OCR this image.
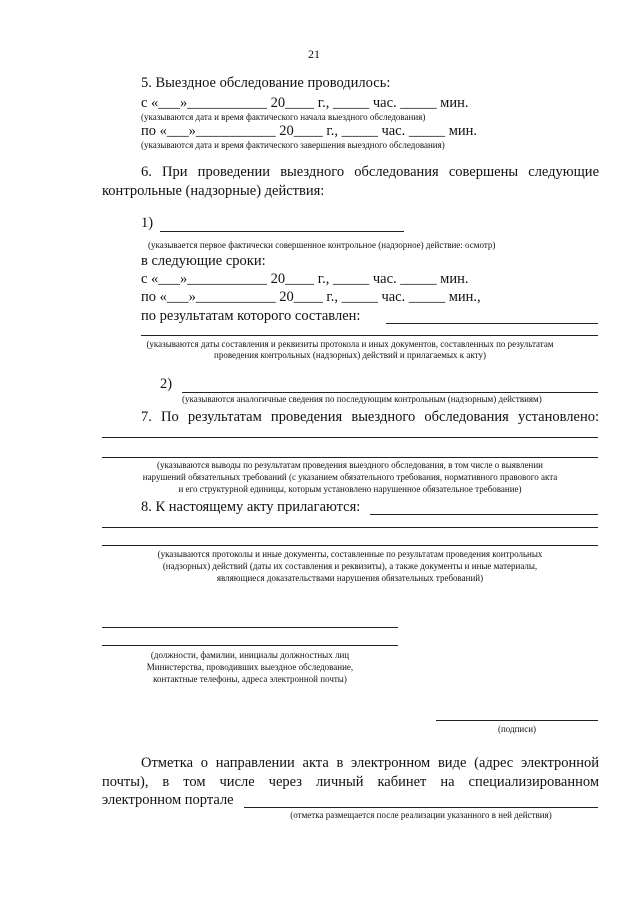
21
5. Выездное обследование проводилось:
с «___»___________ 20____ г., _____ час. _____ мин.
(указываются дата и время фактического начала выездного обследования)
по «___»___________ 20____ г., _____ час. _____ мин.
(указываются дата и время фактического завершения выездного обследования)
6. При проведении выездного обследования совершены следующие
контрольные (надзорные) действия:
1)
(указывается первое фактически совершенное контрольное (надзорное) действие: осмотр)
в следующие сроки:
с «___»___________ 20____ г., _____ час. _____ мин.
по «___»___________ 20____ г., _____ час. _____ мин.,
по результатам которого составлен:
(указываются даты составления и реквизиты протокола и иных документов, составленных по результатам
проведения контрольных (надзорных) действий и прилагаемых к акту)
2)
(указываются аналогичные сведения по последующим контрольным (надзорным) действиям)
7. По результатам проведения выездного обследования установлено:
(указываются выводы по результатам проведения выездного обследования, в том числе о выявлении
нарушений обязательных требований (с указанием обязательного требования, нормативного правового акта
и его структурной единицы, которым установлено нарушенное обязательное требование)
8. К настоящему акту прилагаются:
(указываются протоколы и иные документы, составленные по результатам проведения контрольных
(надзорных) действий (даты их составления и реквизиты), а также документы и иные материалы,
являющиеся доказательствами нарушения обязательных требований)
(должности, фамилии, инициалы должностных лиц
Министерства, проводивших выездное обследование,
контактные телефоны, адреса электронной почты)
(подписи)
Отметка о направлении акта в электронном виде (адрес электронной
почты), в том числе через личный кабинет на специализированном
электронном портале
(отметка размещается после реализации указанного в ней действия)
